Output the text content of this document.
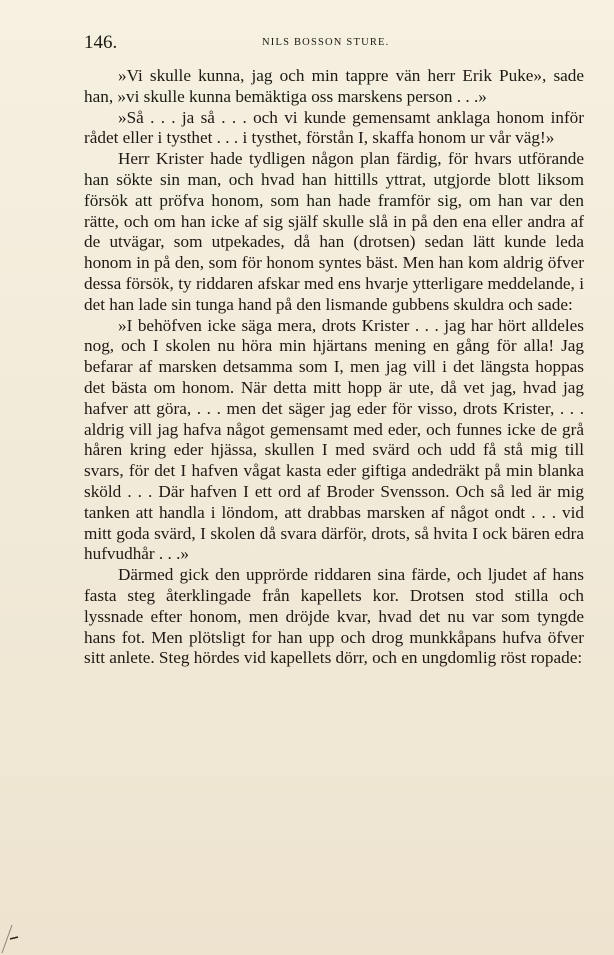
146.	NILS BOSSON STURE.

»Vi skulle kunna, jag och min tappre vän herr Erik Puke», sade han, »vi skulle kunna bemäktiga oss marskens person . . .»

»Så . . . ja så . . . och vi kunde gemensamt anklaga honom inför rådet eller i tysthet . . . i tysthet, förstån I, skaffa honom ur vår väg!»

Herr Krister hade tydligen någon plan färdig, för hvars utförande han sökte sin man, och hvad han hittills yttrat, utgjorde blott liksom försök att pröfva honom, som han hade framför sig, om han var den rätte, och om han icke af sig själf skulle slå in på den ena eller andra af de utvägar, som utpekades, då han (drotsen) sedan lätt kunde leda honom in på den, som för honom syntes bäst. Men han kom aldrig öfver dessa försök, ty riddaren afskar med ens hvarje ytterligare meddelande, i det han lade sin tunga hand på den lismande gubbens skuldra och sade:

»I behöfven icke säga mera, drots Krister . . . jag har hört alldeles nog, och I skolen nu höra min hjärtans mening en gång för alla! Jag befarar af marsken detsamma som I, men jag vill i det längsta hoppas det bästa om honom. När detta mitt hopp är ute, då vet jag, hvad jag hafver att göra, . . . men det säger jag eder för visso, drots Krister, . . . aldrig vill jag hafva något gemensamt med eder, och funnes icke de grå håren kring eder hjässa, skullen I med svärd och udd få stå mig till svars, för det I hafven vågat kasta eder giftiga andedräkt på min blanka sköld . . . Där hafven I ett ord af Broder Svensson. Och så led är mig tanken att handla i löndom, att drabbas marsken af något ondt . . . vid mitt goda svärd, I skolen då svara därför, drots, så hvita I ock bären edra hufvudhår . . .»

Därmed gick den upprörde riddaren sina färde, och ljudet af hans fasta steg återklingade från kapellets kor. Drotsen stod stilla och lyssnade efter honom, men dröjde kvar, hvad det nu var som tyngde hans fot. Men plötsligt for han upp och drog munkkåpans hufva öfver sitt anlete. Steg hördes vid kapellets dörr, och en ungdomlig röst ropade:
